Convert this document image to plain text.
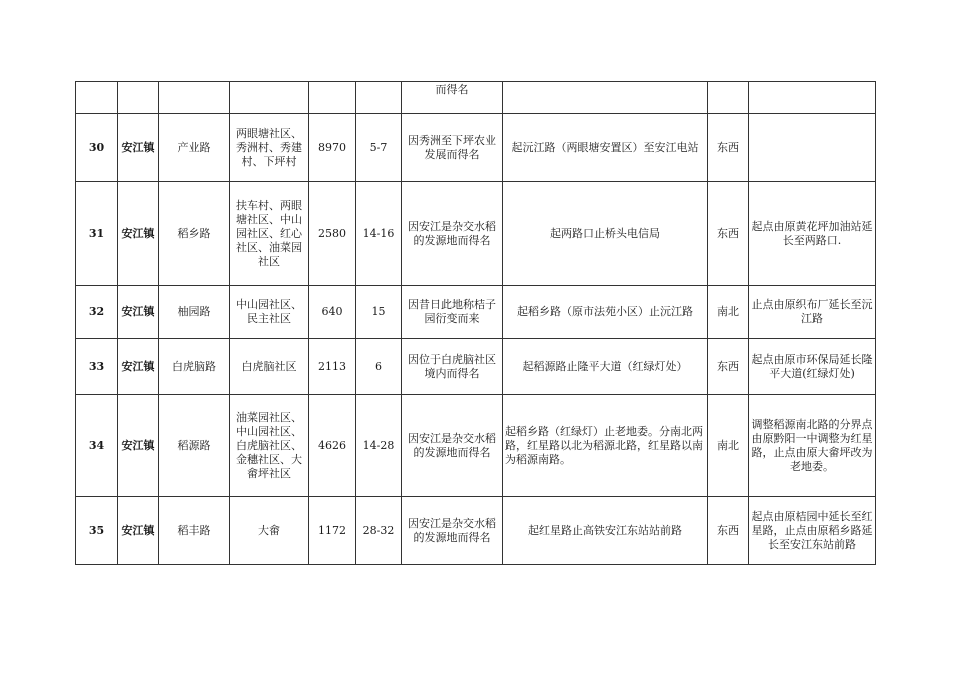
						而得名			
30	安江镇	产业路	两眼塘社区、秀洲村、秀建村、下坪村	8970	5-7	因秀洲至下坪农业发展而得名	起沅江路（两眼塘安置区）至安江电站	东西	
31	安江镇	稻乡路	扶车村、两眼塘社区、中山园社区、红心社区、油菜园社区	2580	14-16	因安江是杂交水稻的发源地而得名	起两路口止桥头电信局	东西	起点由原黄花坪加油站延长至两路口.
32	安江镇	柚园路	中山园社区、民主社区	640	15	因昔日此地称桔子园衍变而来	起稻乡路（原市法苑小区）止沅江路	南北	止点由原织布厂延长至沅江路
33	安江镇	白虎脑路	白虎脑社区	2113	6	因位于白虎脑社区 境内而得名	起稻源路止隆平大道（红绿灯处）	东西	起点由原市环保局延长隆平大道(红绿灯处)
34	安江镇	稻源路	油菜园社区、中山园社区、白虎脑社区、金穗社区、大畲坪社区	4626	14-28	因安江是杂交水稻的发源地而得名	起稻乡路（红绿灯）止老地委。分南北两路，红星路以北为稻源北路，红星路以南为稻源南路。	南北	调整稻源南北路的分界点由原黔阳一中调整为红星路，止点由原大畲坪改为老地委。
35	安江镇	稻丰路	大畲	1172	28-32	因安江是杂交水稻的发源地而得名	起红星路止高铁安江东站站前路	东西	起点由原桔园中延长至红星路，止点由原稻乡路延长至安江东站前路
